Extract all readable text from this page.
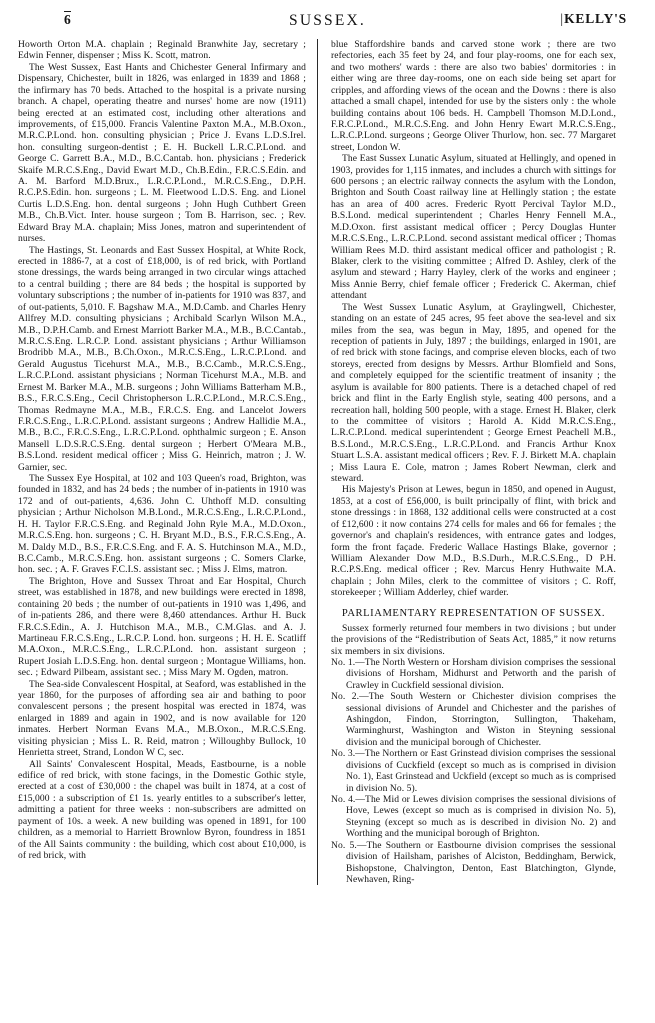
6	SUSSEX.	|KELLY'S

Howorth Orton M.A. chaplain ; Reginald Branwhite Jay, secretary ; Edwin Fenner, dispenser ; Miss K. Scott, matron.

The West Sussex, East Hants and Chichester General Infirmary and Dispensary, Chichester, built in 1826, was enlarged in 1839 and 1868 ; the infirmary has 70 beds. Attached to the hospital is a private nursing branch. A chapel, operating theatre and nurses' home are now (1911) being erected at an estimated cost, including other alterations and improvements, of £15,000. Francis Valentine Paxton M.A., M.B.Oxon., M.R.C.P.Lond. hon. consulting physician ; Price J. Evans L.D.S.Irel. hon. consulting surgeon-dentist ; E. H. Buckell L.R.C.P.Lond. and George C. Garrett B.A., M.D., B.C.Cantab. hon. physicians ; Frederick Skaife M.R.C.S.Eng., David Ewart M.D., Ch.B.Edin., F.R.C.S.Edin. and A. M. Barford M.D.Brux., L.R.C.P.Lond., M.R.C.S.Eng., D.P.H. R.C.P.S.Edin. hon. surgeons ; L. M. Fleetwood L.D.S. Eng. and Lionel Curtis L.D.S.Eng. hon. dental surgeons ; John Hugh Cuthbert Green M.B., Ch.B.Vict. Inter. house surgeon ; Tom B. Harrison, sec. ; Rev. Edward Bray M.A. chaplain; Miss Jones, matron and superintendent of nurses.

The Hastings, St. Leonards and East Sussex Hospital, at White Rock, erected in 1886-7, at a cost of £18,000, is of red brick, with Portland stone dressings, the wards being arranged in two circular wings attached to a central building ; there are 84 beds ; the hospital is supported by voluntary subscriptions ; the number of in-patients for 1910 was 837, and of out-patients, 5,010. F. Bagshaw M.A., M.D.Camb. and Charles Henry Allfrey M.D. consulting physicians ; Archibald Scarlyn Wilson M.A., M.B., D.P.H.Camb. and Ernest Marriott Barker M.A., M.B., B.C.Cantab., M.R.C.S.Eng. L.R.C.P. Lond. assistant physicians ; Arthur Williamson Brodribb M.A., M.B., B.Ch.Oxon., M.R.C.S.Eng., L.R.C.P.Lond. and Gerald Augustus Ticehurst M.A., M.B., B.C.Camb., M.R.C.S.Eng., L.R.C.P.Lond. assistant physicians ; Norman Ticehurst M.A., M.B. and Ernest M. Barker M.A., M.B. surgeons ; John Williams Batterham M.B., B.S., F.R.C.S.Eng., Cecil Christopherson L.R.C.P.Lond., M.R.C.S.Eng., Thomas Redmayne M.A., M.B., F.R.C.S. Eng. and Lancelot Jowers F.R.C.S.Eng., L.R.C.P.Lond. assistant surgeons ; Andrew Hallidie M.A., M.B., B.C., F.R.C.S.Eng., L.R.C.P.Lond. ophthalmic surgeon ; E. Anson Mansell L.D.S.R.C.S.Eng. dental surgeon ; Herbert O'Meara M.B., B.S.Lond. resident medical officer ; Miss G. Heinrich, matron ; J. W. Garnier, sec.

The Sussex Eye Hospital, at 102 and 103 Queen's road, Brighton, was founded in 1832, and has 24 beds ; the number of in-patients in 1910 was 172 and of out-patients, 4,636. John C. Uhthoff M.D. consulting physician ; Arthur Nicholson M.B.Lond., M.R.C.S.Eng., L.R.C.P.Lond., H. H. Taylor F.R.C.S.Eng. and Reginald John Ryle M.A., M.D.Oxon., M.R.C.S.Eng. hon. surgeons ; C. H. Bryant M.D., B.S., F.R.C.S.Eng., A. M. Daldy M.D., B.S., F.R.C.S.Eng. and F. A. S. Hutchinson M.A., M.D., B.C.Camb., M.R.C.S.Eng. hon. assistant surgeons ; C. Somers Clarke, hon. sec. ; A. F. Graves F.C.I.S. assistant sec. ; Miss J. Elms, matron.

The Brighton, Hove and Sussex Throat and Ear Hospital, Church street, was established in 1878, and new buildings were erected in 1898, containing 20 beds ; the number of out-patients in 1910 was 1,496, and of in-patients 286, and there were 8,460 attendances. Arthur H. Buck F.R.C.S.Edin., A. J. Hutchison M.A., M.B., C.M.Glas. and A. J. Martineau F.R.C.S.Eng., L.R.C.P. Lond. hon. surgeons ; H. H. E. Scatliff M.A.Oxon., M.R.C.S.Eng., L.R.C.P.Lond. hon. assistant surgeon ; Rupert Josiah L.D.S.Eng. hon. dental surgeon ; Montague Williams, hon. sec. ; Edward Pilbeam, assistant sec. ; Miss Mary M. Ogden, matron.

The Sea-side Convalescent Hospital, at Seaford, was established in the year 1860, for the purposes of affording sea air and bathing to poor convalescent persons ; the present hospital was erected in 1874, was enlarged in 1889 and again in 1902, and is now available for 120 inmates. Herbert Norman Evans M.A., M.B.Oxon., M.R.C.S.Eng. visiting physician ; Miss L. R. Reid, matron ; Willoughby Bullock, 10 Henrietta street, Strand, London W C, sec.

All Saints' Convalescent Hospital, Meads, Eastbourne, is a noble edifice of red brick, with stone facings, in the Domestic Gothic style, erected at a cost of £30,000 : the chapel was built in 1874, at a cost of £15,000 : a subscription of £1 1s. yearly entitles to a subscriber's letter, admitting a patient for three weeks : non-subscribers are admitted on payment of 10s. a week. A new building was opened in 1891, for 100 children, as a memorial to Harriett Brownlow Byron, foundress in 1851 of the All Saints community : the building, which cost about £10,000, is of red brick, with

blue Staffordshire bands and carved stone work ; there are two refectories, each 35 feet by 24, and four play-rooms, one for each sex, and two mothers' wards : there are also two babies' dormitories : in either wing are three day-rooms, one on each side being set apart for cripples, and affording views of the ocean and the Downs : there is also attached a small chapel, intended for use by the sisters only : the whole building contains about 106 beds. H. Campbell Thomson M.D.Lond., F.R.C.P.Lond., M.R.C.S.Eng. and John Henry Ewart M.R.C.S.Eng., L.R.C.P.Lond. surgeons ; George Oliver Thurlow, hon. sec. 77 Margaret street, London W.

The East Sussex Lunatic Asylum, situated at Hellingly, and opened in 1903, provides for 1,115 inmates, and includes a church with sittings for 600 persons ; an electric railway connects the asylum with the London, Brighton and South Coast railway line at Hellingly station ; the estate has an area of 400 acres. Frederic Ryott Percival Taylor M.D., B.S.Lond. medical superintendent ; Charles Henry Fennell M.A., M.D.Oxon. first assistant medical officer ; Percy Douglas Hunter M.R.C.S.Eng., L.R.C.P.Lond. second assistant medical officer ; Thomas William Rees M.D. third assistant medical officer and pathologist ; R. Blaker, clerk to the visiting committee ; Alfred D. Ashley, clerk of the asylum and steward ; Harry Hayley, clerk of the works and engineer ; Miss Annie Berry, chief female officer ; Frederick C. Akerman, chief attendant

The West Sussex Lunatic Asylum, at Graylingwell, Chichester, standing on an estate of 245 acres, 95 feet above the sea-level and six miles from the sea, was begun in May, 1895, and opened for the reception of patients in July, 1897 ; the buildings, enlarged in 1901, are of red brick with stone facings, and comprise eleven blocks, each of two storeys, erected from designs by Messrs. Arthur Blomfield and Sons, and completely equipped for the scientific treatment of insanity ; the asylum is available for 800 patients. There is a detached chapel of red brick and flint in the Early English style, seating 400 persons, and a recreation hall, holding 500 people, with a stage. Ernest H. Blaker, clerk to the committee of visitors ; Harold A. Kidd M.R.C.S.Eng., L.R.C.P.Lond. medical superintendent ; George Ernest Peachell M.B., B.S.Lond., M.R.C.S.Eng., L.R.C.P.Lond. and Francis Arthur Knox Stuart L.S.A. assistant medical officers ; Rev. F. J. Birkett M.A. chaplain ; Miss Laura E. Cole, matron ; James Robert Newman, clerk and steward.

His Majesty's Prison at Lewes, begun in 1850, and opened in August, 1853, at a cost of £56,000, is built principally of flint, with brick and stone dressings : in 1868, 132 additional cells were constructed at a cost of £12,600 : it now contains 274 cells for males and 66 for females ; the governor's and chaplain's residences, with entrance gates and lodges, form the front façade. Frederic Wallace Hastings Blake, governor ; William Alexander Dow M.D., B.S.Durh., M.R.C.S.Eng., D P.H. R.C.P.S.Eng. medical officer ; Rev. Marcus Henry Huthwaite M.A. chaplain ; John Miles, clerk to the committee of visitors ; C. Roff, storekeeper ; William Adderley, chief warder.

PARLIAMENTARY REPRESENTATION OF SUSSEX.

Sussex formerly returned four members in two divisions ; but under the provisions of the “Redistribution of Seats Act, 1885,” it now returns six members in six divisions.

No. 1.—The North Western or Horsham division comprises the sessional divisions of Horsham, Midhurst and Petworth and the parish of Crawley in Cuckfield sessional division.

No. 2.—The South Western or Chichester division comprises the sessional divisions of Arundel and Chichester and the parishes of Ashingdon, Findon, Storrington, Sullington, Thakeham, Warminghurst, Washington and Wiston in Steyning sessional division and the municipal borough of Chichester.

No. 3.—The Northern or East Grinstead division comprises the sessional divisions of Cuckfield (except so much as is comprised in division No. 1), East Grinstead and Uckfield (except so much as is comprised in division No. 5).

No. 4.—The Mid or Lewes division comprises the sessional divisions of Hove, Lewes (except so much as is comprised in division No. 5), Steyning (except so much as is described in division No. 2) and Worthing and the municipal borough of Brighton.

No. 5.—The Southern or Eastbourne division comprises the sessional division of Hailsham, parishes of Alciston, Beddingham, Berwick, Bishopstone, Chalvington, Denton, East Blatchington, Glynde, Newhaven, Ring-
